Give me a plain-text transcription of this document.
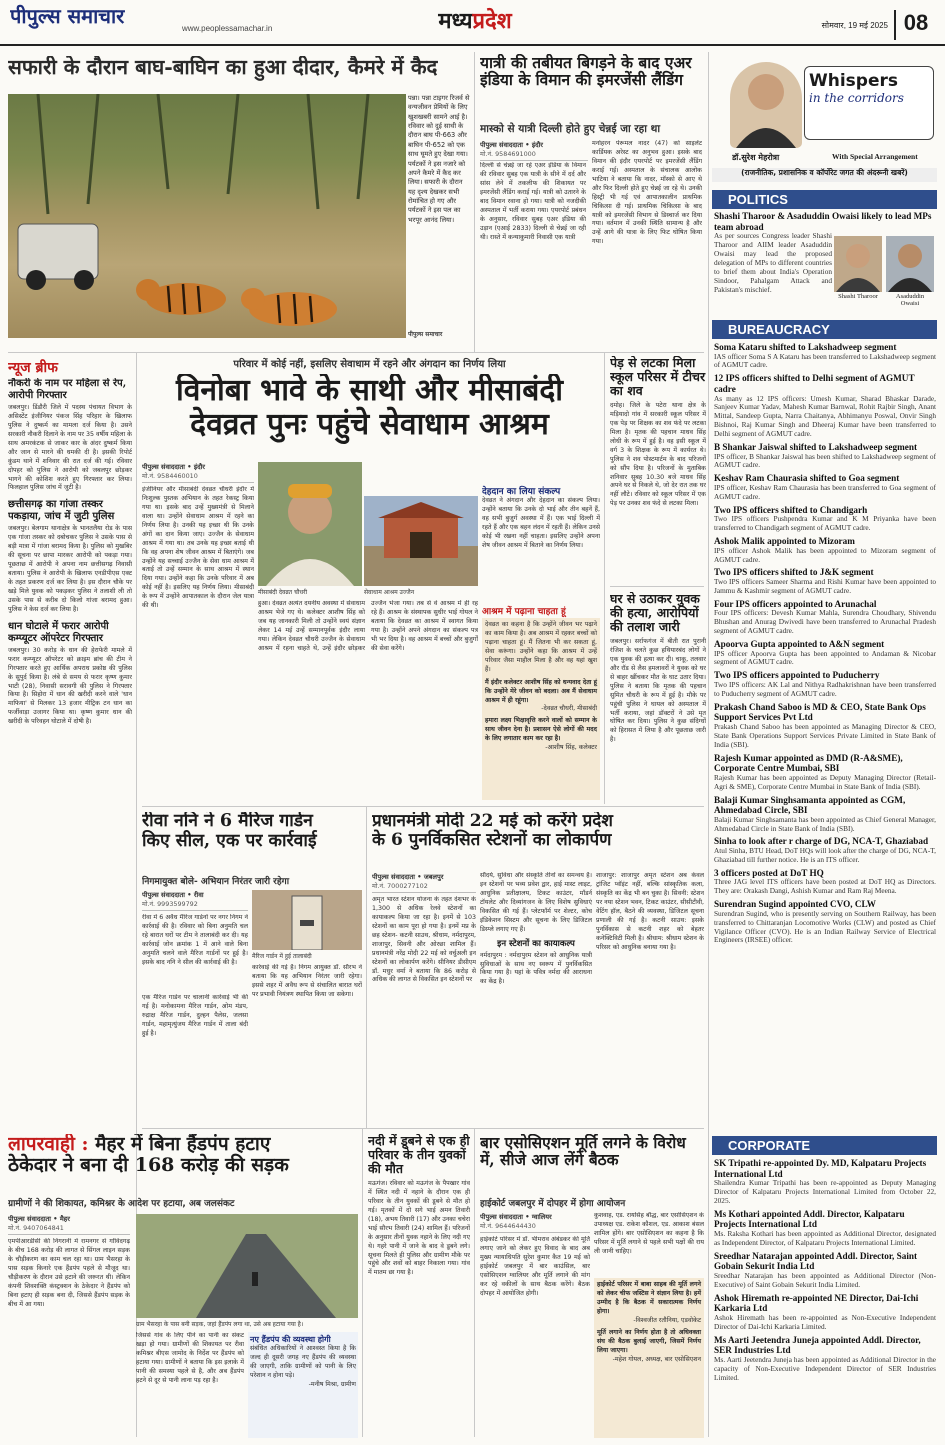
पीपुल्स समाचार
www.peoplessamachar.in	मध्यप्रदेश	सोमवार, 19 मई 2025 08
सफारी के दौरान बाघ-बाघिन का हुआ दीदार, कैमरे में कैद
पन्ना। पन्ना टाइगर रिजर्व से वन्यजीवन प्रेमियों के लिए खुशखबरी सामने आई है। रविवार को दुई साथी के दौरान बाघ पी-663 और बाघिन पी-652 को एक साथ घूमते हुए देखा गया। पर्यटकों ने इस नजारे को अपने कैमरे में कैद कर लिया। सफारी के दौरान यह दृश्य देखकर सभी रोमांचित हो गए और पर्यटकों ने इस पल का भरपूर आनंद लिया।
पीपुल्स समाचार
यात्री की तबीयत बिगड़ने के बाद एअर इंडिया के विमान की इमरजेंसी लैंडिंग
मास्को से यात्री दिल्ली होते हुए चेन्नई जा रहा था
पीपुल्स संवाददाता • इंदौर
मो.नं. 9584691000
दिल्ली से चेन्नई जा रहे एअर इंडिया के विमान की रविवार सुबह एक यात्री के सीने में दर्द और सांस लेने में तकलीफ की शिकायत पर इमरजेंसी लैंडिंग कराई गई। यात्री को उतारने के बाद विमान रवाना हो गया। यात्री को नजदीकी अस्पताल में भर्ती कराया गया। एयरपोर्ट प्रबंधन के अनुसार, रविवार सुबह एअर इंडिया की उड़ान (एआई 2833) दिल्ली से चेन्नई जा रही थी। रास्ते में कन्याकुमारी निवासी एक यात्री
मनोहरन पेरूमल नादर (47) को साइलेंट कार्डियक अरेस्ट का अनुभव हुआ। इसके बाद विमान की इंदौर एयरपोर्ट पर इमरजेंसी लैंडिंग कराई गई। अस्पताल के संचालक आलोक भाटिया ने बताया कि नादर, मॉस्को से आए थे और फिर दिल्ली होते हुए चेन्नई जा रहे थे। उनकी हिस्ट्री भी गई एवं आपातकालीन प्राथमिक चिकित्सा दी गई। प्राथमिक चिकित्सा के बाद यात्री को इमरजेंसी विभाग से डिस्चार्ज कर दिया गया। वर्तमान में उनकी स्थिति सामान्य है और उन्हें आगे की यात्रा के लिए फिट घोषित किया गया।
Whispers
in the corridors
डॉ.सुरेश मेहरोत्रा	With Special Arrangement
(राजनीतिक, प्रशासनिक व कॉर्पोरेट जगत की अंदरूनी खबरें)
POLITICS
Shashi Tharoor & Asaduddin Owaisi likely to lead MPs team abroad
As per sources Congress leader Shashi Tharoor and AIIM leader Asaduddin Owaisi may lead the proposed delegation of MPs to different countries to brief them about India's Operation Sindoor, Pahalgam Attack and Pakistan's mischief.
Shashi Tharoor	Asaduddin Owaisi
BUREAUCRACY
Soma Kataru shifted to Lakshadweep segment
IAS officer Soma S A Kataru has been transferred to Lakshadweep segment of AGMUT cadre.
12 IPS officers shifted to Delhi segment of AGMUT cadre
As many as 12 IPS officers: Umesh Kumar, Sharad Bhaskar Darade, Sanjeev Kumar Yadav, Mahesh Kumar Barnwal, Rohit Rajbir Singh, Anant Mittal, Sandeep Gupta, Narra Chaitanya, Abhimanyu Poswal, Onvir Singh Bishnoi, Raj Kumar Singh and Dheeraj Kumar have been transferred to Delhi segment of AGMUT cadre.
B Shankar Jaiswal shifted to Lakshadweep segment
IPS officer, B Shankar Jaiswal has been shifted to Lakshadweep segment of AGMUT cadre.
Keshav Ram Chaurasia shifted to Goa segment
IPS officer, Keshav Ram Chaurasia has been transferred to Goa segment of AGMUT cadre.
Two IPS officers shifted to Chandigarh
Two IPS officers Pushpendra Kumar and K M Priyanka have been transferred to Chandigarh segment of AGMUT cadre.
Ashok Malik appointed to Mizoram
IPS officer Ashok Malik has been appointed to Mizoram segment of AGMUT cadre.
Two IPS officers shifted to J&K segment
Two IPS officers Sameer Sharma and Rishi Kumar have been appointed to Jammu & Kashmir segment of AGMUT cadre.
Four IPS officers appointed to Arunachal
Four IPS officers: Devesh Kumar Mahla, Surendra Choudhary, Shivendu Bhushan and Anurag Dwivedi have been transferred to Arunachal Pradesh segment of AGMUT cadre.
Apoorva Gupta appointed to A&N segment
IPS officer Apoorva Gupta has been appointed to Andaman & Nicobar segment of AGMUT cadre.
Two IPS officers appointed to Puducherry
Two IPS officers: AK Lal and Nithya Radhakrishnan have been transferred to Puducherry segment of AGMUT cadre.
Prakash Chand Saboo is MD & CEO, State Bank Ops Support Services Pvt Ltd
Prakash Chand Saboo has been appointed as Managing Director & CEO, State Bank Operations Support Services Private Limited in State Bank of India (SBI).
Rajesh Kumar appointed as DMD (R-A&SME), Corporate Centre Mumbai, SBI
Rajesh Kumar has been appointed as Deputy Managing Director (Retail-Agri & SME), Corporate Centre Mumbai in State Bank of India (SBI).
Balaji Kumar Singhsamanta appointed as CGM, Ahmedabad Circle, SBI
Balaji Kumar Singhsamanta has been appointed as Chief General Manager, Ahmedabad Circle in State Bank of India (SBI).
Sinha to look after r charge of DG, NCA-T, Ghaziabad
Atul Sinha, BTU Head, DoT HQs will look after the charge of DG, NCA-T, Ghaziabad till further notice. He is an ITS officer.
3 officers posted at DoT HQ
Three JAG level ITS officers have been posted at DoT HQ as Directors. They are: Orakash Dangi, Ashish Kumar and Ram Raj Meena.
Surendran Sugind appointed CVO, CLW
Surendran Sugind, who is presently serving on Southern Railway, has been transferred to Chittaranjan Locomotive Works (CLW) and posted as Chief Vigilance Officer (CVO). He is an Indian Railway Service of Electrical Engineers (IRSEE) officer.
CORPORATE
SK Tripathi re-appointed Dy. MD, Kalpataru Projects International Ltd
Shailendra Kumar Tripathi has been re-appointed as Deputy Managing Director of Kalpataru Projects International Limited from October 22, 2025.
Ms Kothari appointed Addl. Director, Kalpataru Projects International Ltd
Ms. Raksha Kothari has been appointed as Additional Director, designated as Independent Director, of Kalpataru Projects International Limited.
Sreedhar Natarajan appointed Addl. Director, Saint Gobain Sekurit India Ltd
Sreedhar Natarajan has been appointed as Additional Director (Non-Executive) of Saint Gobain Sekurit India Limited.
Ashok Hiremath re-appointed NE Director, Dai-Ichi Karkaria Ltd
Ashok Hiremath has been re-appointed as Non-Executive Independent Director of Dai-Ichi Karkaria Limited.
Ms Aarti Jeetendra Juneja appointed Addl. Director, SER Industries Ltd
Ms. Aarti Jeetendra Juneja has been appointed as Additional Director in the capacity of Non-Executive Independent Director of SER Industries Limited.
न्यूज ब्रीफ
नौकरी के नाम पर महिला से रेप, आरोपी गिरफ्तार
जबलपुर। डिंडौरी जिले में पदस्थ पंचायत विभाग के असिस्टेंट इंजीनियर पंकज सिंह परिहार के खिलाफ पुलिस ने दुष्कर्म का मामला दर्ज किया है। उसने सरकारी नौकरी दिलाने के नाम पर 35 वर्षीय महिला के साथ अमरकंटक से जाकर कार के अंदर दुष्कर्म किया और जान से मारने की धमकी दी है। इसकी रिपोर्ट कुंडम थाने में शनिवार की रात दर्ज की गई। रविवार दोपहर को पुलिस ने आरोपी को जबलपुर छोड़कर भागने की कोशिश करते हुए गिरफ्तार कर लिया। फिलहाल पुलिस जांच में जुटी है।
छत्तीसगढ़ का गांजा तस्कर पकड़ाया, जांच में जुटी पुलिस
जबलपुर। बेलगाम थानाक्षेत्र के भानतलैया रोड के पास एक गांजा तस्कर को दबोचकर पुलिस ने उसके पास से बड़ी मात्रा में गांजा बरामद किया है। पुलिस को मुखबिर की सूचना पर छापा मारकर आरोपी को पकड़ा गया। पूछताछ में आरोपी ने अपना नाम छत्तीसगढ़ निवासी बताया। पुलिस ने आरोपी के खिलाफ एनडीपीएस एक्ट के तहत प्रकरण दर्ज कर लिया है। इस दौरान चौके पर खड़े मिले युवक को पकड़कर पुलिस ने तलाशी ली तो उसके पास से करीब दो किलो गांजा बरामद हुआ। पुलिस ने केस दर्ज कर लिया है।
धान घोटाले में फरार आरोपी कम्प्यूटर ऑपरेटर गिरफ्तार
जबलपुर। 30 करोड़ के धान की हेराफेरी मामले में फरार कम्प्यूटर ऑपरेटर को क्राइम ब्रांच की टीम ने गिरफ्तार करते हुए आर्थिक अपराध प्रकोष्ठ की पुलिस के सुपुर्द किया है। लंबे से समय से फरार कृष्ण कुमार भाटी (28), निवासी सरावगी की पुलिस ने गिरफ्तार किया है। सिहोरा में धान की खरीदी करने वाले 'धान माफिया' से मिलकर 13 हजार मीट्रिक टन धान का फर्जीवाड़ा उजागर किया था। कृष्ण कुमार धान की खरीदी के परिवहन घोटाले में दोषी है।
परिवार में कोई नहीं, इसलिए सेवाधाम में रहने और अंगदान का निर्णय लिया
विनोबा भावे के साथी और मीसाबंदी
देवव्रत पुनः पहुंचे सेवाधाम आश्रम
पीपुल्स संवाददाता • इंदौर
मो.नं. 9584460010
इंजीनियर और मीसाबंदी देवव्रत चौधरी इंदौर में निःशुल्क पुस्तक अभियान के तहत रेकस्ट्र किया गया था। इसके बाद उन्हें मुख्यमंत्री से मिलाने वाला था। उन्होंने सेवाधाम आश्रम में रहने का निर्णय लिया है। उनकी यह इच्छा थी कि उनके अंगों का दान किया जाए। उज्जैन के सेवाधाम आश्रम में गया था। तब उनके यह इच्छा बताई थी कि वह अपना शेष जीवन आश्रम में बिताएंगे। जब उन्होंने यह सच्चाई उज्जैन के सेवा धाम आश्रम में बताई तो उन्हें सम्मान के साथ आश्रम में स्थान दिया गया। उन्होंने कहा कि उनके परिवार में अब कोई नहीं है। इसलिए यह निर्णय लिया। मीसाबंदी के रूप में उन्होंने आपातकाल के दौरान जेल यात्रा की थी।
मीसाबंदी देवव्रत चौधरी	सेवाधाम आश्रम उज्जैन
हुआ। देवव्रत अत्यंत दयनीय अवस्था में सेवाधाम आश्रम भेजे गए थे। कलेक्टर आशीष सिंह को जब यह जानकारी मिली तो उन्होंने स्वयं संज्ञान लेकर 14 मई उन्हें सम्मानपूर्वक इंदौर लाया गया। लेकिन देवव्रत चौधरी उज्जैन के सेवाधाम आश्रम में रहना चाहते थे, उन्हें इंदौर छोड़कर उज्जैन भेजा गया। तब से वे आश्रम में ही रह रहे हैं। आश्रम के संस्थापक सुधीर भाई गोयल ने बताया कि देवव्रत का आश्रम में स्वागत किया गया है। उन्होंने अपने अंगदान का संकल्प पत्र भी भर दिया है। वह आश्रम में बच्चों और बुजुर्गों की सेवा करेंगे।
देहदान का लिया संकल्प
देवव्रत ने अंगदान और देहदान का संकल्प लिया। उन्होंने बताया कि उनके दो भाई और तीन बहनें हैं, वह सभी बुजुर्ग अवस्था में हैं। एक भाई दिल्ली में रहते हैं और एक बहन लंदन में रहती हैं। लेकिन उनसे कोई भी रखना नहीं चाहता। इसलिए उन्होंने अपना शेष जीवन आश्रम में बिताने का निर्णय लिया।
आश्रम में पढ़ाना चाहता हूं
देवव्रत का कहना है कि उन्होंने जीवन भर पढ़ाने का काम किया है। अब आश्रम में रहकर बच्चों को पढ़ाना चाहता हूं। मैं जितना भी कर सकता हूं, सेवा करूंगा। उन्होंने कहा कि आश्रम में उन्हें परिवार जैसा माहौल मिला है और वह यहां खुश हैं।
मैं इंदौर कलेक्टर आशीष सिंह को धन्यवाद देता हूं कि उन्होंने मेरे जीवन को बदला। अब मैं सेवाधाम आश्रम में ही रहूंगा।
-देवव्रत चौधरी, मीसाबंदी
हमारा लक्ष्य भिक्षावृत्ति करने वालों को सम्मान के साथ जीवन देना है। प्रशासन ऐसे लोगों की मदद के लिए लगातार काम कर रहा है।
-आशीष सिंह, कलेक्टर
पेड़ से लटका मिला स्कूल परिसर में टीचर का शव
दमोह। जिले के पटेरा थाना क्षेत्र के मड़ियादो गांव में सरकारी स्कूल परिसर में एक पेड़ पर शिक्षक का शव फंदे पर लटका मिला है। मृतक की पहचान माधव सिंह लोधी के रूप में हुई है। वह इसी स्कूल में वर्ग 3 के शिक्षक के रूप में कार्यरत थे। पुलिस ने शव पोस्टमार्टम के बाद परिजनों को सौंप दिया है। परिजनों के मुताबिक शनिवार सुबह 10.30 बजे माधव सिंह अपने घर से निकले थे, जो देर रात तक घर नहीं लौटे। रविवार को स्कूल परिसर में एक पेड़ पर उनका शव फंदे से लटका मिला।
घर से उठाकर युवक की हत्या, आरोपियों की तलाश जारी
जबलपुर। सर्राफगंज में बीती रात पुरानी रंजिश के चलते कुछ हथियारबंद लोगों ने एक युवक की हत्या कर दी। चाकू, तलवार और रॉड से लैस हमलावरों ने युवक को घर से बाहर खींचकर मौत के घाट उतार दिया। पुलिस ने बताया कि मृतक की पहचान सुमित चौधरी के रूप में हुई है। मौके पर पहुंची पुलिस ने घायल को अस्पताल में भर्ती कराया, जहां डॉक्टरों ने उसे मृत घोषित कर दिया। पुलिस ने कुछ संदिग्धों को हिरासत में लिया है और पूछताछ जारी है।
रीवा ननि ने 6 मैरिज गार्डन
किए सील, एक पर कार्रवाई
निगमायुक्त बोले- अभियान निरंतर जारी रहेगा
पीपुल्स संवाददाता • रीवा
मो.नं. 9993599792
रीवा में 6 अवैध मैरिज गार्डनों पर नगर निगम ने कार्रवाई की है। रविवार को बिना अनुमति चल रहे बारात घरों पर टीम ने तालाबंदी कर दी। यह कार्रवाई जोन क्रमांक 1 में आने वाले बिना अनुमति चलने वाले मैरिज गार्डनों पर हुई है। इसके बाद ननि ने सील की कार्रवाई की है।
मैरिज गार्डन में हुई तालाबंदी
एक मैरिज गार्डन पर चालानी कार्रवाई भी की गई है। मनोकामना मैरिज गार्डन, ओम मंडप, रुद्राक्ष मैरिज गार्डन, दुल्हन पैलेस, जलसा गार्डन, महामृत्युंजय मैरिज गार्डन में ताला बंदी हुई है।
कार्रवाई की गई है। निगम आयुक्त डॉ. सौरभ ने बताया कि यह अभियान निरंतर जारी रहेगा। इससे शहर में अवैध रूप से संचालित बारात घरों पर प्रभावी नियंत्रण स्थापित किया जा सकेगा।
प्रधानमंत्री मोदी 22 मई को करेंगे प्रदेश
के 6 पुनर्विकसित स्टेशनों का लोकार्पण
पीपुल्स संवाददाता • जबलपुर
मो.नं. 7000277102
अमृत भारत स्टेशन योजना के तहत देशभर के 1,300 से अधिक रेलवे स्टेशनों का कायाकल्प किया जा रहा है। इनमें से 103 स्टेशनों का काम पूरा हो गया है। इनमें मप्र के छह स्टेशन- कटनी साउथ, श्रीधाम, नर्मदापुरम, शाजापुर, सिवनी और ओरछा शामिल हैं। प्रधानमंत्री नरेंद्र मोदी 22 मई को वर्चुअली इन स्टेशनों का लोकार्पण करेंगे। सीनियर डीसीएम डॉ. मधुर वर्मा ने बताया कि 86 करोड़ से अधिक की लागत से विकसित इन स्टेशनों पर
सौंदर्य, सुविधा और संस्कृति तीनों का समन्वय है। इन स्टेशनों पर भव्य प्रवेश द्वार, हाई मास्ट लाइट, आधुनिक प्रतीक्षालय, टिकट काउंटर, मॉडर्न टॉयलेट और दिव्यांगजन के लिए विशेष सुविधाएं विकसित की गई हैं। प्लेटफॉर्म पर शेल्टर, कोच इंडिकेशन सिस्टम और सूचना के लिए डिजिटल डिस्प्ले लगाए गए हैं।
इन स्टेशनों का कायाकल्प
नर्मदापुरम : नर्मदापुरम स्टेशन को आधुनिक यात्री सुविधाओं के साथ नए स्वरूप में पुनर्विकसित किया गया है। यहां के पवित्र नर्मदा की आराधना का केंद्र है।
शाजापुर: शाजापुर अमृत स्टेशन अब केवल ट्रांजिट प्वॉइंट नहीं, बल्कि सांस्कृतिक कला, संस्कृति का केंद्र भी बन चुका है। सिवनी: स्टेशन पर नया स्टेशन भवन, टिकट काउंटर, सीसीटीवी, वेटिंग हॉल, बैठने की व्यवस्था, डिजिटल सूचना प्रणाली की गई है। कटनी साउथ: इसके पुनर्विकास से कटनी शहर को बेहतर कनेक्टिविटी मिली है। श्रीधाम: श्रीधाम स्टेशन के परिसर को आधुनिक बनाया गया है।
लापरवाही : मैहर में बिना हैंडपंप हटाए
ठेकेदार ने बना दी 168 करोड़ की सड़क
ग्रामीणों ने की शिकायत, कमिश्नर के आदेश पर हटाया, अब जलसंकट
पीपुल्स संवाददाता • मैहर
मो.नं. 9407064841
एमपीआरडीसी की निगरानी में रामनगर से गोविंदगढ़ के बीच 168 करोड़ की लागत से सिंगल लाइन सड़क के चौड़ीकरण का काम चल रहा था। ग्राम भैसरहा के पास सड़क किनारे एक हैंडपंप पहले से मौजूद था। चौड़ीकरण के दौरान उसे हटाने की जरूरत थी। लेकिन कंपनी शिवशक्ति कंस्ट्रक्शन के ठेकेदार ने हैंडपंप को बिना हटाए ही सड़क बना दी, जिससे हैंडपंप सड़क के बीच में आ गया।
ग्राम भैसरहा के पास बनी सड़क, जहां हैंडपंप लगा था, उसे अब हटाया गया है।
जिससे गांव के लिए पीने का पानी का संकट खड़ा हो गया। ग्रामीणों की शिकायत पर रीवा कमिश्नर बीएस जामोद के निर्देश पर हैंडपंप को हटाया गया। ग्रामीणों ने बताया कि इस इलाके में पानी की समस्या पहले से है, और अब हैंडपंप हटने से दूर से पानी लाना पड़ रहा है।
नए हैंडपंप की व्यवस्था होगी
संबंधित अधिकारियों ने आश्वस्त किया है कि जल्द ही दूसरी जगह नए हैंडपंप की व्यवस्था की जाएगी, ताकि ग्रामीणों को पानी के लिए परेशान न होना पड़े।
-मनीष मिश्रा, ग्रामीण
नदी में डूबने से एक ही परिवार के तीन युवकों की मौत
मऊगंज। रविवार को मऊगंज के पैपखार गांव में स्थित नदी में नहाने के दौरान एक ही परिवार के तीन युवकों की डूबने से मौत हो गई। मृतकों में दो सगे भाई अमन तिवारी (18), अभय तिवारी (17) और उनका चचेरा भाई सौरभ तिवारी (24) शामिल हैं। परिजनों के अनुसार तीनों युवक नहाने के लिए नदी गए थे। गहरे पानी में जाने के बाद वे डूबने लगे। सूचना मिलते ही पुलिस और ग्रामीण मौके पर पहुंचे और शवों को बाहर निकाला गया। गांव में मातम छा गया है।
बार एसोसिएशन मूर्ति लगने के विरोध में, सीजे आज लेंगे बैठक
हाईकोर्ट जबलपुर में दोपहर में होगा आयोजन
पीपुल्स संवाददाता • ग्वालियर
मो.नं. 9644644430
हाईकोर्ट परिसर में डॉ. भीमराव अंबेडकर की मूर्ति लगाए जाने को लेकर हुए विवाद के बाद अब मुख्य न्यायाधिपति सुरेश कुमार कैत 19 मई को हाईकोर्ट जबलपुर में बार काउंसिल, बार एसोसिएशन ग्वालियर और मूर्ति लगाने की मांग कर रहे वकीलों के साथ बैठक करेंगे। बैठक दोपहर में आयोजित होगी।
कुशवाह, एड. रायसिंह बौद्ध, बार एसोसिएशन के उपाध्यक्ष एड. राकेश कौशल, एड. आकाश बंसल शामिल होंगे। बार एसोसिएशन का कहना है कि परिसर में मूर्ति लगाने से पहले सभी पक्षों की राय ली जानी चाहिए।
हाईकोर्ट परिसर में बाबा साहब की मूर्ति लगने को लेकर चीफ जस्टिस ने संज्ञान लिया है। हमें उम्मीद है कि बैठक में सकारात्मक निर्णय होगा।
-विश्वजीत रतौनिया, एडवोकेट
मूर्ति लगाने का निर्णय होता है तो अधिवक्ता संघ की बैठक बुलाई जाएगी, जिसमें निर्णय लिया जाएगा।
-महेश गोयल, अध्यक्ष, बार एसोसिएशन
